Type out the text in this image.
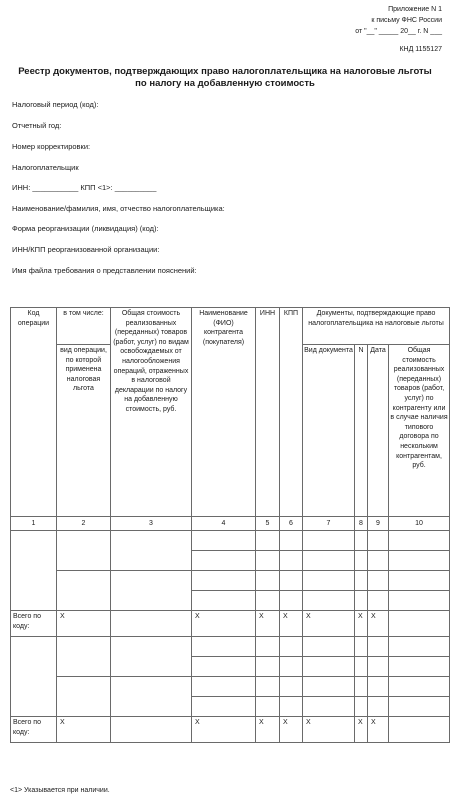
Приложение N 1
к письму ФНС России
от "__" _____ 20__ г. N ___
КНД 1155127
Реестр документов, подтверждающих право налогоплательщика на налоговые льготы по налогу на добавленную стоимость
Налоговый период (код):
Отчетный год:
Номер корректировки:
Налогоплательщик
ИНН: ___________ КПП <1>: __________
Наименование/фамилия, имя, отчество налогоплательщика:
Форма реорганизации (ликвидация) (код):
ИНН/КПП реорганизованной организации:
Имя файла требования о представлении пояснений:
Код операции	в том числе:	Общая стоимость реализованных (переданных) товаров (работ, услуг) по видам освобождаемых от налогообложения операций, отраженных в налоговой декларации по налогу на добавленную стоимость, руб.	Наименование (ФИО) контрагента (покупателя)	ИНН	КПП	Документы, подтверждающие право налогоплательщика на налоговые льготы			
	вид операции, по которой применена налоговая льгота					Вид документа	N	Дата	Общая стоимость реализованных (переданных) товаров (работ, услуг) по контрагенту или в случае наличия типового договора по нескольким контрагентам, руб.
1	2	3	4	5	6	7	8	9	10

Всего по коду:	X		X	X	X	X	X	X	

Всего по коду:	X		X	X	X	X	X	X	
<1> Указывается при наличии.
